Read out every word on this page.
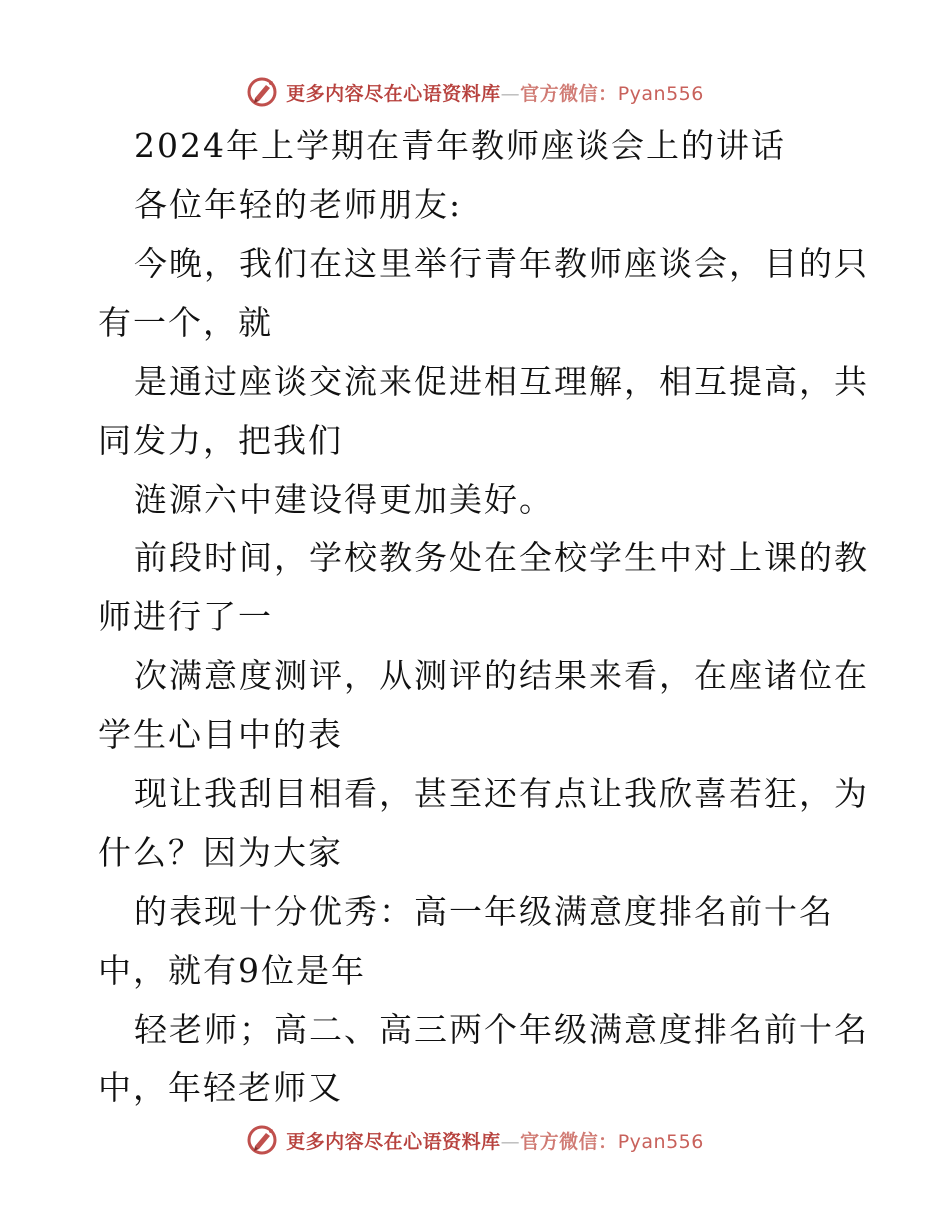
更多内容尽在心语资料库—官方微信：Pyan556
2024年上学期在青年教师座谈会上的讲话
各位年轻的老师朋友:
今晚，我们在这里举行青年教师座谈会，目的只
有一个，就
是通过座谈交流来促进相互理解，相互提高，共
同发力，把我们
涟源六中建设得更加美好。
前段时间，学校教务处在全校学生中对上课的教
师进行了一
次满意度测评，从测评的结果来看，在座诸位在
学生心目中的表
现让我刮目相看，甚至还有点让我欣喜若狂，为
什么？因为大家
的表现十分优秀：高一年级满意度排名前十名
中，就有9位是年
轻老师；高二、高三两个年级满意度排名前十名
中，年轻老师又
更多内容尽在心语资料库—官方微信：Pyan556
